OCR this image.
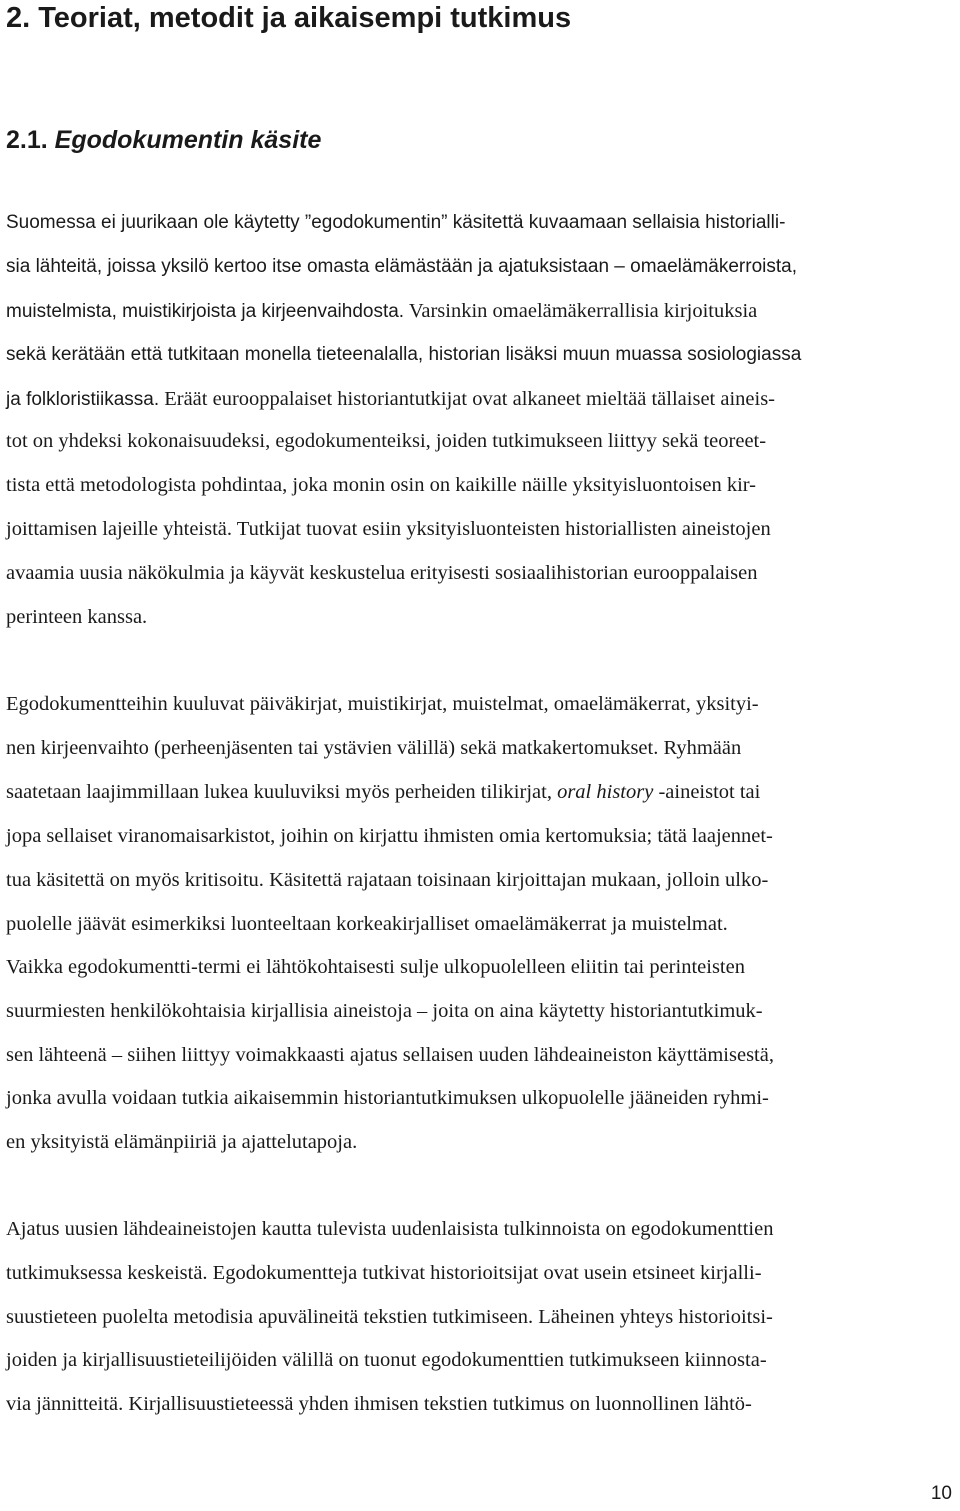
2. Teoriat, metodit ja aikaisempi tutkimus
2.1. Egodokumentin käsite

Suomessa ei juurikaan ole käytetty ”egodokumentin” käsitettä kuvaamaan sellaisia historialli-

sia lähteitä, joissa yksilö kertoo itse omasta elämästään ja ajatuksistaan – omaelämäkerroista,

muistelmista, muistikirjoista ja kirjeenvaihdosta. Varsinkin omaelämäkerrallisia kirjoituksia

sekä kerätään että tutkitaan monella tieteenalalla, historian lisäksi muun muassa sosiologiassa

ja folkloristiikassa. Eräät eurooppalaiset historiantutkijat ovat alkaneet mieltää tällaiset aineis-

tot on yhdeksi kokonaisuudeksi, egodokumenteiksi, joiden tutkimukseen liittyy sekä teoreet-

tista että metodologista pohdintaa, joka monin osin on kaikille näille yksityisluontoisen kir-

joittamisen lajeille yhteistä. Tutkijat tuovat esiin yksityisluonteisten historiallisten aineistojen

avaamia uusia näkökulmia ja käyvät keskustelua erityisesti sosiaalihistorian eurooppalaisen

perinteen kanssa.

Egodokumentteihin kuuluvat päiväkirjat, muistikirjat, muistelmat, omaelämäkerrat, yksityi-

nen kirjeenvaihto (perheenjäsenten tai ystävien välillä) sekä matkakertomukset. Ryhmään

saatetaan laajimmillaan lukea kuuluviksi myös perheiden tilikirjat, oral history -aineistot tai

jopa sellaiset viranomaisarkistot, joihin on kirjattu ihmisten omia kertomuksia; tätä laajennet-

tua käsitettä on myös kritisoitu. Käsitettä rajataan toisinaan kirjoittajan mukaan, jolloin ulko-

puolelle jäävät esimerkiksi luonteeltaan korkeakirjalliset omaelämäkerrat ja muistelmat.

Vaikka egodokumentti-termi ei lähtökohtaisesti sulje ulkopuolelleen eliitin tai perinteisten

suurmiesten henkilökohtaisia kirjallisia aineistoja – joita on aina käytetty historiantutkimuk-

sen lähteenä – siihen liittyy voimakkaasti ajatus sellaisen uuden lähdeaineiston käyttämisestä,

jonka avulla voidaan tutkia aikaisemmin historiantutkimuksen ulkopuolelle jääneiden ryhmi-

en yksityistä elämänpiiriä ja ajattelutapoja.

Ajatus uusien lähdeaineistojen kautta tulevista uudenlaisista tulkinnoista on egodokumenttien

tutkimuksessa keskeistä. Egodokumentteja tutkivat historioitsijat ovat usein etsineet kirjalli-

suustieteen puolelta metodisia apuvälineitä tekstien tutkimiseen. Läheinen yhteys historioitsi-

joiden ja kirjallisuustieteilijöiden välillä on tuonut egodokumenttien tutkimukseen kiinnosta-

via jännitteitä. Kirjallisuustieteessä yhden ihmisen tekstien tutkimus on luonnollinen lähtö-

10
